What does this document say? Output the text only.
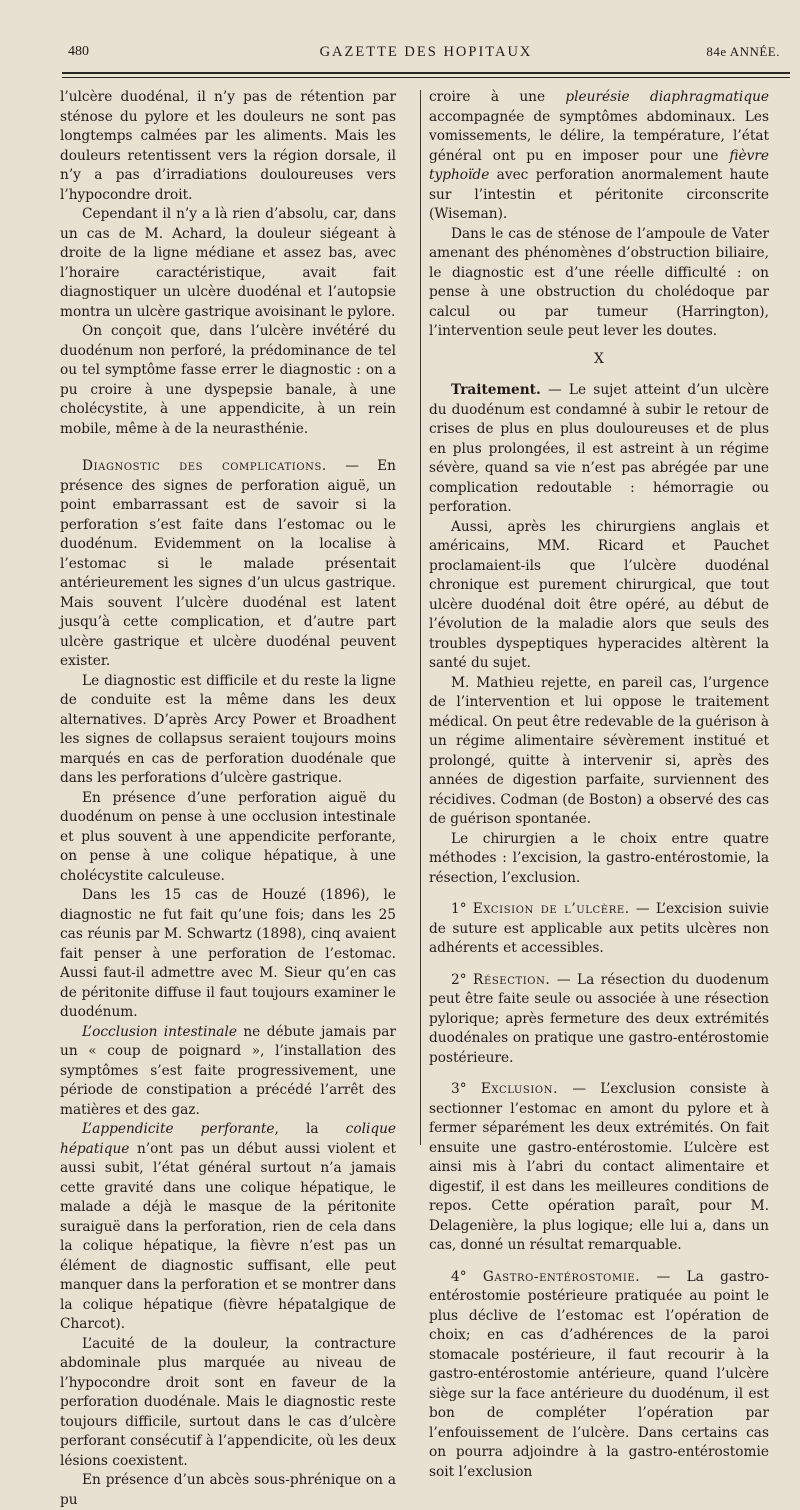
480	GAZETTE DES HOPITAUX	84e ANNÉE.

l’ulcère duodénal, il n’y pas de rétention par sténose du pylore et les douleurs ne sont pas longtemps calmées par les aliments. Mais les douleurs retentissent vers la région dorsale, il n’y a pas d’irradiations douloureuses vers l’hypocondre droit.

Cependant il n’y a là rien d’absolu, car, dans un cas de M. Achard, la douleur siégeant à droite de la ligne médiane et assez bas, avec l’horaire caractéristique, avait fait diagnostiquer un ulcère duodénal et l’autopsie montra un ulcère gastrique avoisinant le pylore.

On conçoit que, dans l’ulcère invétéré du duodénum non perforé, la prédominance de tel ou tel symptôme fasse errer le diagnostic : on a pu croire à une dyspepsie banale, à une cholécystite, à une appendicite, à un rein mobile, même à de la neurasthénie.

Diagnostic des complications. — En présence des signes de perforation aiguë, un point embarrassant est de savoir si la perforation s’est faite dans l’estomac ou le duodénum. Evidemment on la localise à l’estomac si le malade présentait antérieurement les signes d’un ulcus gastrique. Mais souvent l’ulcère duodénal est latent jusqu’à cette complication, et d’autre part ulcère gastrique et ulcère duodénal peuvent exister.

Le diagnostic est difficile et du reste la ligne de conduite est la même dans les deux alternatives. D’après Arcy Power et Broadhent les signes de collapsus seraient toujours moins marqués en cas de perforation duodénale que dans les perforations d’ulcère gastrique.

En présence d’une perforation aiguë du duodénum on pense à une occlusion intestinale et plus souvent à une appendicite perforante, on pense à une colique hépatique, à une cholécystite calculeuse.

Dans les 15 cas de Houzé (1896), le diagnostic ne fut fait qu’une fois; dans les 25 cas réunis par M. Schwartz (1898), cinq avaient fait penser à une perforation de l’estomac. Aussi faut-il admettre avec M. Sieur qu’en cas de péritonite diffuse il faut toujours examiner le duodénum.

L’occlusion intestinale ne débute jamais par un « coup de poignard », l’installation des symptômes s’est faite progressivement, une période de constipation a précédé l’arrêt des matières et des gaz.

L’appendicite perforante, la colique hépatique n’ont pas un début aussi violent et aussi subit, l’état général surtout n’a jamais cette gravité dans une colique hépatique, le malade a déjà le masque de la péritonite suraiguë dans la perforation, rien de cela dans la colique hépatique, la fièvre n’est pas un élément de diagnostic suffisant, elle peut manquer dans la perforation et se montrer dans la colique hépatique (fièvre hépatalgique de Charcot).

L’acuité de la douleur, la contracture abdominale plus marquée au niveau de l’hypocondre droit sont en faveur de la perforation duodénale. Mais le diagnostic reste toujours difficile, surtout dans le cas d’ulcère perforant consécutif à l’appendicite, où les deux lésions coexistent.

En présence d’un abcès sous-phrénique on a pu

croire à une pleurésie diaphragmatique accompagnée de symptômes abdominaux. Les vomissements, le délire, la température, l’état général ont pu en imposer pour une fièvre typhoïde avec perforation anormalement haute sur l’intestin et péritonite circonscrite (Wiseman).

Dans le cas de sténose de l’ampoule de Vater amenant des phénomènes d’obstruction biliaire, le diagnostic est d’une réelle difficulté : on pense à une obstruction du cholédoque par calcul ou par tumeur (Harrington), l’intervention seule peut lever les doutes.

X

Traitement. — Le sujet atteint d’un ulcère du duodénum est condamné à subir le retour de crises de plus en plus douloureuses et de plus en plus prolongées, il est astreint à un régime sévère, quand sa vie n’est pas abrégée par une complication redoutable : hémorragie ou perforation.

Aussi, après les chirurgiens anglais et américains, MM. Ricard et Pauchet proclamaient-ils que l’ulcère duodénal chronique est purement chirurgical, que tout ulcère duodénal doit être opéré, au début de l’évolution de la maladie alors que seuls des troubles dyspeptiques hyperacides altèrent la santé du sujet.

M. Mathieu rejette, en pareil cas, l’urgence de l’intervention et lui oppose le traitement médical. On peut être redevable de la guérison à un régime alimentaire sévèrement institué et prolongé, quitte à intervenir si, après des années de digestion parfaite, surviennent des récidives. Codman (de Boston) a observé des cas de guérison spontanée.

Le chirurgien a le choix entre quatre méthodes : l’excision, la gastro-entérostomie, la résection, l’exclusion.

1° Excision de l’ulcère. — L’excision suivie de suture est applicable aux petits ulcères non adhérents et accessibles.

2° Résection. — La résection du duodenum peut être faite seule ou associée à une résection pylorique; après fermeture des deux extrémités duodénales on pratique une gastro-entérostomie postérieure.

3° Exclusion. — L’exclusion consiste à sectionner l’estomac en amont du pylore et à fermer séparément les deux extrémités. On fait ensuite une gastro-entérostomie. L’ulcère est ainsi mis à l’abri du contact alimentaire et digestif, il est dans les meilleures conditions de repos. Cette opération paraît, pour M. Delagenière, la plus logique; elle lui a, dans un cas, donné un résultat remarquable.

4° Gastro-entérostomie. — La gastro-entérostomie postérieure pratiquée au point le plus déclive de l’estomac est l’opération de choix; en cas d’adhérences de la paroi stomacale postérieure, il faut recourir à la gastro-entérostomie antérieure, quand l’ulcère siège sur la face antérieure du duodénum, il est bon de compléter l’opération par l’enfouissement de l’ulcère. Dans certains cas on pourra adjoindre à la gastro-entérostomie soit l’exclusion
